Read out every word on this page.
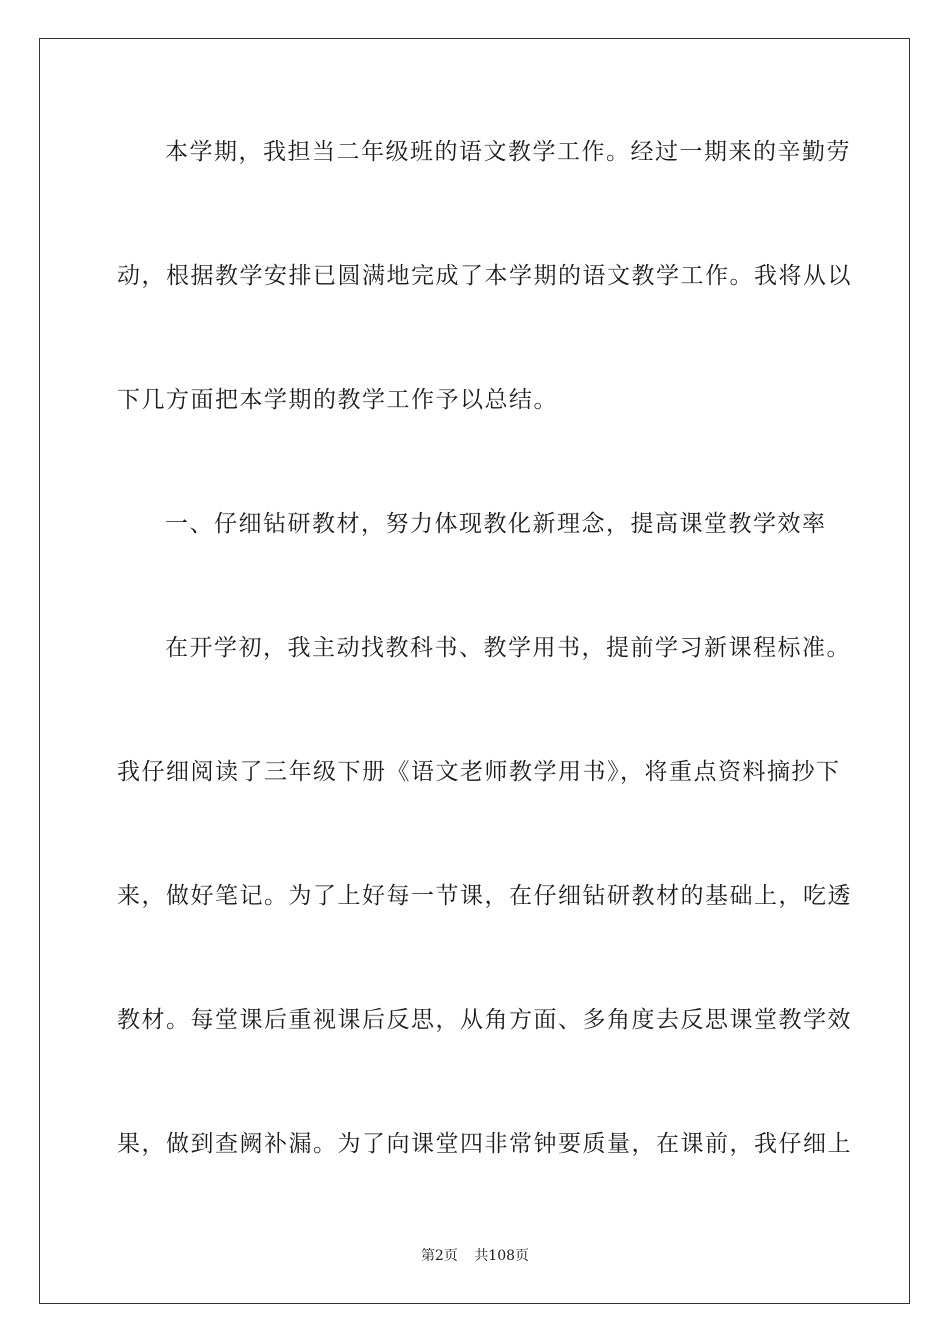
本学期，我担当二年级班的语文教学工作。经过一期来的辛勤劳
动，根据教学安排已圆满地完成了本学期的语文教学工作。我将从以
下几方面把本学期的教学工作予以总结。
一、仔细钻研教材，努力体现教化新理念，提高课堂教学效率
在开学初，我主动找教科书、教学用书，提前学习新课程标准。
我仔细阅读了三年级下册《语文老师教学用书》，将重点资料摘抄下
来，做好笔记。为了上好每一节课，在仔细钻研教材的基础上，吃透
教材。每堂课后重视课后反思，从角方面、多角度去反思课堂教学效
果，做到查阙补漏。为了向课堂四非常钟要质量，在课前，我仔细上
第2页 共108页
